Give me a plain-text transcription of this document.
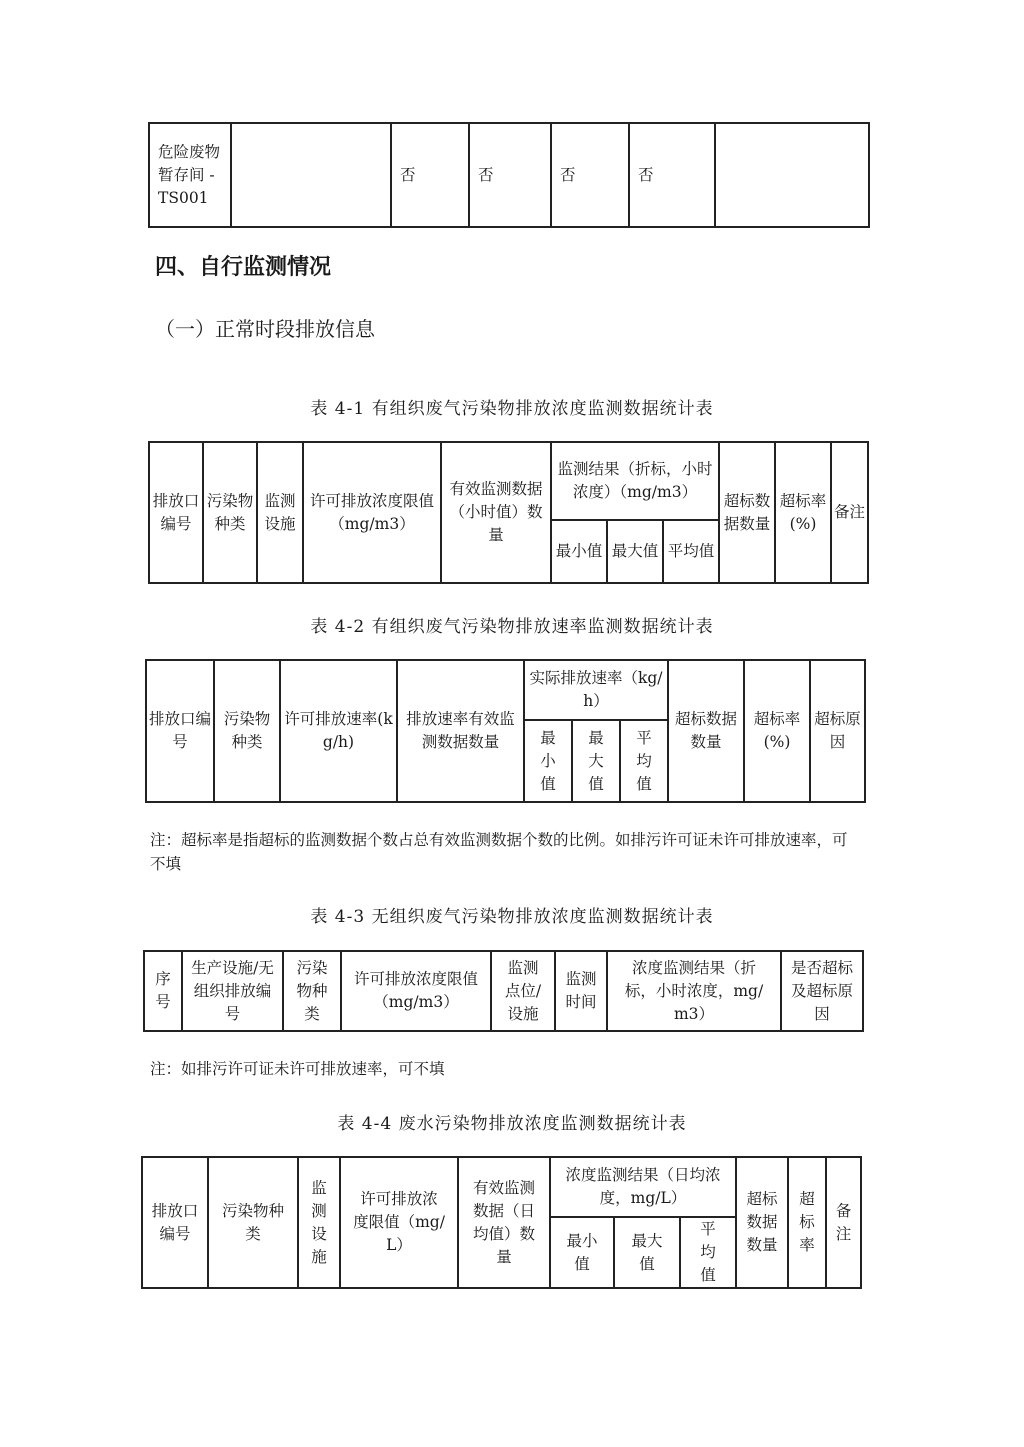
危险废物暂存间 - TS001		否	否	否	否	
四、自行监测情况
（一）正常时段排放信息
表 4-1 有组织废气污染物排放浓度监测数据统计表
排放口编号	污染物种类	监测设施	许可排放浓度限值（mg/m3）	有效监测数据（小时值）数量	监测结果（折标，小时浓度）（mg/m3）			超标数据数量	超标率(%)	备注
					最小值	最大值	平均值			
表 4-2 有组织废气污染物排放速率监测数据统计表
排放口编号	污染物种类	许可排放速率(kg/h)	排放速率有效监测数据数量	实际排放速率（kg/h）			超标数据数量	超标率(%)	超标原因
				最小值	最大值	平均值			
注：超标率是指超标的监测数据个数占总有效监测数据个数的比例。如排污许可证未许可排放速率，可不填
表 4-3 无组织废气污染物排放浓度监测数据统计表
序号	生产设施/无组织排放编号	污染物种类	许可排放浓度限值（mg/m3）	监测点位/设施	监测时间	浓度监测结果（折标，小时浓度，mg/m3）	是否超标及超标原因
注：如排污许可证未许可排放速率，可不填
表 4-4 废水污染物排放浓度监测数据统计表
排放口编号	污染物种类	监测设施	许可排放浓度限值（mg/L）	有效监测数据（日均值）数量	浓度监测结果（日均浓度，mg/L）			超标数据数量	超标率	备注
					最小值	最大值	平均值			
